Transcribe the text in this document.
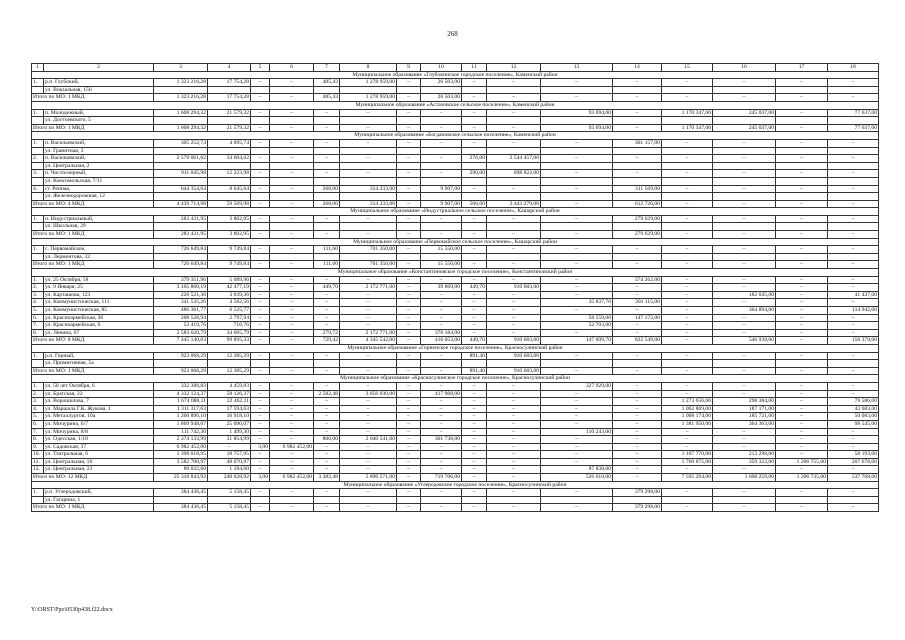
268
1	2	3	4	5	6	7	8	9	10	11	12	13	14	15	16	17	18
Муниципальное образование «Глубокинское городское поселение», Каменский район																	
1.	р.п. Глубокий,	1 323 216,28	17 754,28	–	–	485,43	1 278 959,00	–	26 503,00	–	–	–	–	–	–	–	–
	ул. Вокзальная, 156																
Итого по МО: 1 МКД		1 323 216,28	17 754,28	–	–	485,43	1 278 959,00	–	26 503,00	–	–	–	–	–	–	–	–
Муниципальное образование «Астаховское сельское поселение», Каменский район																	
1.	п. Молодежный,	1 608 294,32	21 579,32	–	–	–	–	–	–	–	–	93 694,00	–	1 170 347,00	245 037,00	–	77 637,00
	ул. Достоевского, 5																
Итого по МО: 1 МКД		1 608 294,32	21 579,32	–	–	–	–	–	–	–	–	93 694,00	–	1 170 347,00	245 037,00	–	77 637,00
Муниципальное образование «Богдановское сельское поселение», Каменский район																	
1.	п. Васильевский,	305 252,74	4 095,74	–	–	–	–	–	–	–	–	–	301 157,00	–	–	–	–
	ул. Гранитная, 3																
2.	п. Васильевский,	2 579 061,62	34 604,62	–	–	–	–	–	–	276,00	2 544 457,00	–	–	–	–	–	–
	ул. Центральная, 2																
3.	п. Чистоозерный,	911 045,98	12 223,98	–	–	–	–	–	–	290,00	898 822,00	–	–	–	–	–	–
	ул. Комсомольская, 7/11																
4.	ст. Репная,	644 354,64	8 645,64	–	–	268,00	314 233,00	–	9 907,00	–	–	–	311 569,00	–	–	–	–
	ул. Железнодорожная, 12																
Итого по МО: 4 МКД		4 439 714,98	59 569,98	–	–	268,00	314 233,00	–	9 907,00	566,00	3 443 279,00	–	612 726,00	–	–	–	–
Муниципальное образование «Индустриальное сельское поселение», Кашарский район																	
1.	п. Индустриальный,	283 431,95	3 802,95	–	–	–	–	–	–	–	–	–	279 629,00	–	–	–	–
	ул. Школьная, 29																
Итого по МО: 1 МКД		283 431,95	3 802,95	–	–	–	–	–	–	–	–	–	279 629,00	–	–	–	–
Муниципальное образование «Первомайское сельское поселение», Кашарский район																	
1.	с. Первомайское,	726 649,84	9 749,84	–	–	111,60	701 350,00	–	15 550,00	–	–	–	–	–	–	–	–
	ул. Лермонтова, 32																
Итого по МО: 1 МКД		726 649,84	9 749,84	–	–	111,60	701 350,00	–	15 550,00	–	–	–	–	–	–	–	–
Муниципальное образование «Константиновское городское поселение», Константиновский район																	
1.	ул. 25 Октября, 58	379 351,96	5 089,96	–	–	–	–	–	–	–	–	–	374 262,00	–	–	–	–
2.	ул. 9 Января, 25	3 165 800,19	42 477,19	–	–	449,70	2 172 771,00	–	39 869,00	449,70	910 683,00	–	–	–	–	–	–
3.	ул. Карташова, 123	226 521,36	3 039,36	–	–	–	–	–	–	–	–	–	–	–	182 045,00	–	41 437,00
4.	ул. Коммунистическая, 111	341 535,26	4 582,56	–	–	–	–	–	–	–	–	35 837,70	301 115,00	–	–	–	–
5.	ул. Коммунистическая, 85	486 361,77	6 525,77	–	–	–	–	–	–	–	–	–	–	–	364 894,00	–	114 942,00
6.	ул. Красноармейская, 36	208 528,94	2 797,94	–	–	–	–	–	–	–	–	58 559,00	147 172,00	–	–	–	–
7.	ул. Красноармейская, 6	53 419,76	716,76	–	–	–	–	–	–	–	–	52 703,00	–	–	–	–	–
8.	ул. Ленина, 67	2 583 620,79	34 665,79	–	–	279,72	2 172 771,00	–	376 184,00	–	–	–	–	–	–	–	–
Итого по МО: 8 МКД		7 445 140,03	99 895,33	–	–	729,42	4 345 542,00	–	416 053,00	449,70	910 683,00	147 099,70	822 549,00	–	546 939,00	–	156 379,00
Муниципальное образование «Горненское городское поселение», Красносулинский район																	
1.	р.п. Горный,	923 068,29	12 385,29	–	–	–	–	–	–	891,40	910 683,00	–	–	–	–	–	–
	ул. Примитивная, 5а																
Итого по МО: 1 МКД		923 068,29	12 385,29	–	–	–	–	–	–	891,40	910 683,00	–	–	–	–	–	–
Муниципальное образование «Красносулинское городское поселение», Красносулинский район																	
1.	ул. 50 лет Октября, 6	332 388,83	4 459,83	–	–	–	–	–	–	–	–	327 929,00	–	–	–	–	–
2.	ул. Братская, 22	4 332 124,37	58 126,37	–	–	2 582,48	3 856 030,00	–	417 968,00	–	–	–	–	–	–	–	–
3.	ул. Ворошилова, 7	1 674 088,11	22 462,11	–	–	–	–	–	–	–	–	–	–	1 273 656,00	298 384,00	–	79 586,00
4.	ул. Маршала Г.К. Жукова, 1	1 311 317,63	17 594,63	–	–	–	–	–	–	–	–	–	–	1 062 869,00	187 171,00	–	43 683,00
5.	ул. Металлургов, 10а	1 260 896,10	16 918,10	–	–	–	–	–	–	–	–	–	–	1 008 174,00	185 721,00	–	50 083,00
6.	ул. Мичурина, 6/7	1 869 948,07	25 090,07	–	–	–	–	–	–	–	–	–	–	1 381 950,00	364 363,00	–	98 545,00
7.	ул. Мичурина, 8/8	111 742,30	1 499,30	–	–	–	–	–	–	–	–	110 243,00	–	–	–	–	–
8.	ул. Одесская, 1/10	2 374 133,99	31 854,99	–	–	800,00	2 040 541,00	–	301 738,00	–	–	–	–	–	–	–	–
9.	ул. Садовская, 37	6 982 452,00	–	3,00	6 982 452,00	–	–	–	–	–	–	–	–	–	–	–	–
10.	ул. Театральная, 6	1 398 018,95	18 757,95	–	–	–	–	–	–	–	–	–	–	1 107 770,00	213 298,00	–	58 193,00
11.	ул. Центральная, 16	3 582 700,97	48 070,97	–	–	–	–	–	–	–	–	–	–	1 760 875,00	359 322,00	1 206 755,00	207 678,00
12.	ул. Центральная, 23	89 032,60	1 194,60	–	–	–	–	–	–	–	–	87 838,00	–	–	–	–	–
Итого по МО: 12 МКД		25 318 843,92	240 028,92	3,00	6 982 452,00	3 382,48	5 896 571,00	–	719 706,00	–	–	526 010,00	–	7 595 294,00	1 608 259,00	1 206 735,00	537 768,00
Муниципальное образование «Углеродовское городское поселение», Красносулинский район																	
1.	р.п. Углеродовский,	384 436,45	5 158,45	–	–	–	–	–	–	–	–	–	379 298,00	–	–	–	–
	ул. Гагарина, 1																
Итого по МО: 1 МКД		384 436,45	5 158,45	–	–	–	–	–	–	–	–	–	379 298,00	–	–	–	–
Y:\ORST\Ppo\0530p438.f22.docx
